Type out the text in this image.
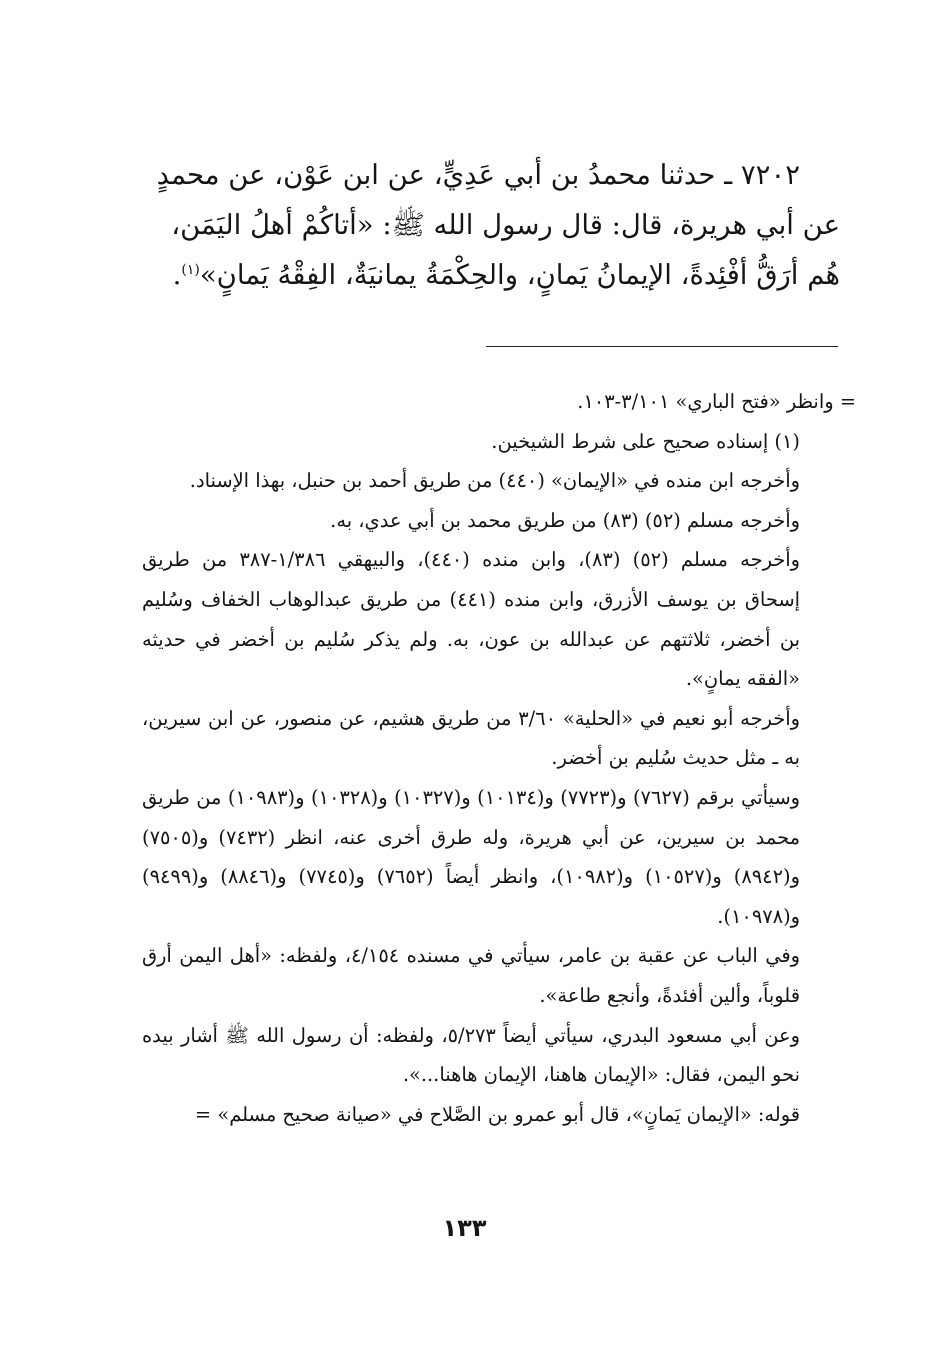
٧٢٠٢ ـ حدثنا محمدُ بن أبي عَدِيٍّ، عن ابن عَوْن، عن محمدٍ

عن أبي هريرة، قال: قال رسول الله ﷺ: «أتاكُمْ أهلُ اليَمَن،

هُم أرَقُّ أفْئِدةً، الإيمانُ يَمانٍ، والحِكْمَةُ يمانيَةٌ، الفِقْهُ يَمانٍ»$^{(١)}$.

= وانظر «فتح الباري» ٣/١٠١-١٠٣.

(١) إسناده صحيح على شرط الشيخين.

وأخرجه ابن منده في «الإيمان» (٤٤٠) من طريق أحمد بن حنبل، بهذا الإسناد.

وأخرجه مسلم (٥٢) (٨٣) من طريق محمد بن أبي عدي، به.

وأخرجه مسلم (٥٢) (٨٣)، وابن منده (٤٤٠)، والبيهقي ١/٣٨٦-٣٨٧ من طريق إسحاق بن يوسف الأزرق، وابن منده (٤٤١) من طريق عبدالوهاب الخفاف وسُليم بن أخضر، ثلاثتهم عن عبدالله بن عون، به. ولم يذكر سُليم بن أخضر في حديثه «الفقه يمانٍ».

وأخرجه أبو نعيم في «الحلية» ٣/٦٠ من طريق هشيم، عن منصور، عن ابن سيرين، به ـ مثل حديث سُليم بن أخضر.

وسيأتي برقم (٧٦٢٧) و(٧٧٢٣) و(١٠١٣٤) و(١٠٣٢٧) و(١٠٣٢٨) و(١٠٩٨٣) من طريق محمد بن سيرين، عن أبي هريرة، وله طرق أخرى عنه، انظر (٧٤٣٢) و(٧٥٠٥) و(٨٩٤٢) و(١٠٥٢٧) و(١٠٩٨٢)، وانظر أيضاً (٧٦٥٢) و(٧٧٤٥) و(٨٨٤٦) و(٩٤٩٩) و(١٠٩٧٨).

وفي الباب عن عقبة بن عامر، سيأتي في مسنده ٤/١٥٤، ولفظه: «أهل اليمن أرق قلوباً، وألين أفئدةً، وأنجع طاعة».

وعن أبي مسعود البدري، سيأتي أيضاً ٥/٢٧٣، ولفظه: أن رسول الله ﷺ أشار بيده نحو اليمن، فقال: «الإيمان هاهنا، الإيمان هاهنا...».

قوله: «الإيمان يَمانٍ»، قال أبو عمرو بن الصَّلاح في «صيانة صحيح مسلم» =

١٣٣
